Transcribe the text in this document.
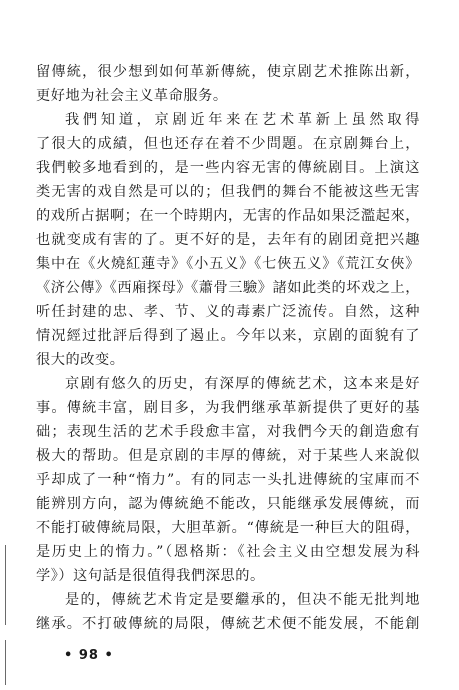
留傳統，很少想到如何革新傳統，使京剧艺术推陈出新，
更好地为社会主义革命服务。
我們知道，京剧近年来在艺术革新上虽然取得
了很大的成績，但也还存在着不少問題。在京剧舞台上，
我們較多地看到的，是一些内容无害的傳統剧目。上演这
类无害的戏自然是可以的；但我們的舞台不能被这些无害
的戏所占据啊；在一个時期内，无害的作品如果泛濫起來，
也就变成有害的了。更不好的是，去年有的剧团竟把兴趣
集中在《火燒紅蓮寺》《小五义》《七俠五义》《荒江女俠》
《济公傳》《西廂探母》《蕭骨三驗》諸如此类的坏戏之上，
听任封建的忠、孝、节、义的毒素广泛流传。自然，这种
情况經过批評后得到了遏止。今年以来，京剧的面貌有了
很大的改变。
京剧有悠久的历史，有深厚的傳統艺术，这本来是好
事。傳統丰富，剧目多，为我們继承革新提供了更好的基
础；表现生活的艺术手段愈丰富，对我們今天的創造愈有
极大的帮助。但是京剧的丰厚的傳統，对于某些人来說似
乎却成了一种“惰力”。有的同志一头扎进傳統的宝庫而不
能辨別方向，認为傳統絶不能改，只能继承发展傳統，而
不能打破傳統局限，大胆革新。“傳統是一种巨大的阻碍，
是历史上的惰力。”（恩格斯：《社会主义由空想发展为科
学》）这句話是很值得我們深思的。
是的，傳統艺术肯定是要繼承的，但决不能无批判地
继承。不打破傳統的局限，傳統艺术便不能发展，不能創
• 98 •
